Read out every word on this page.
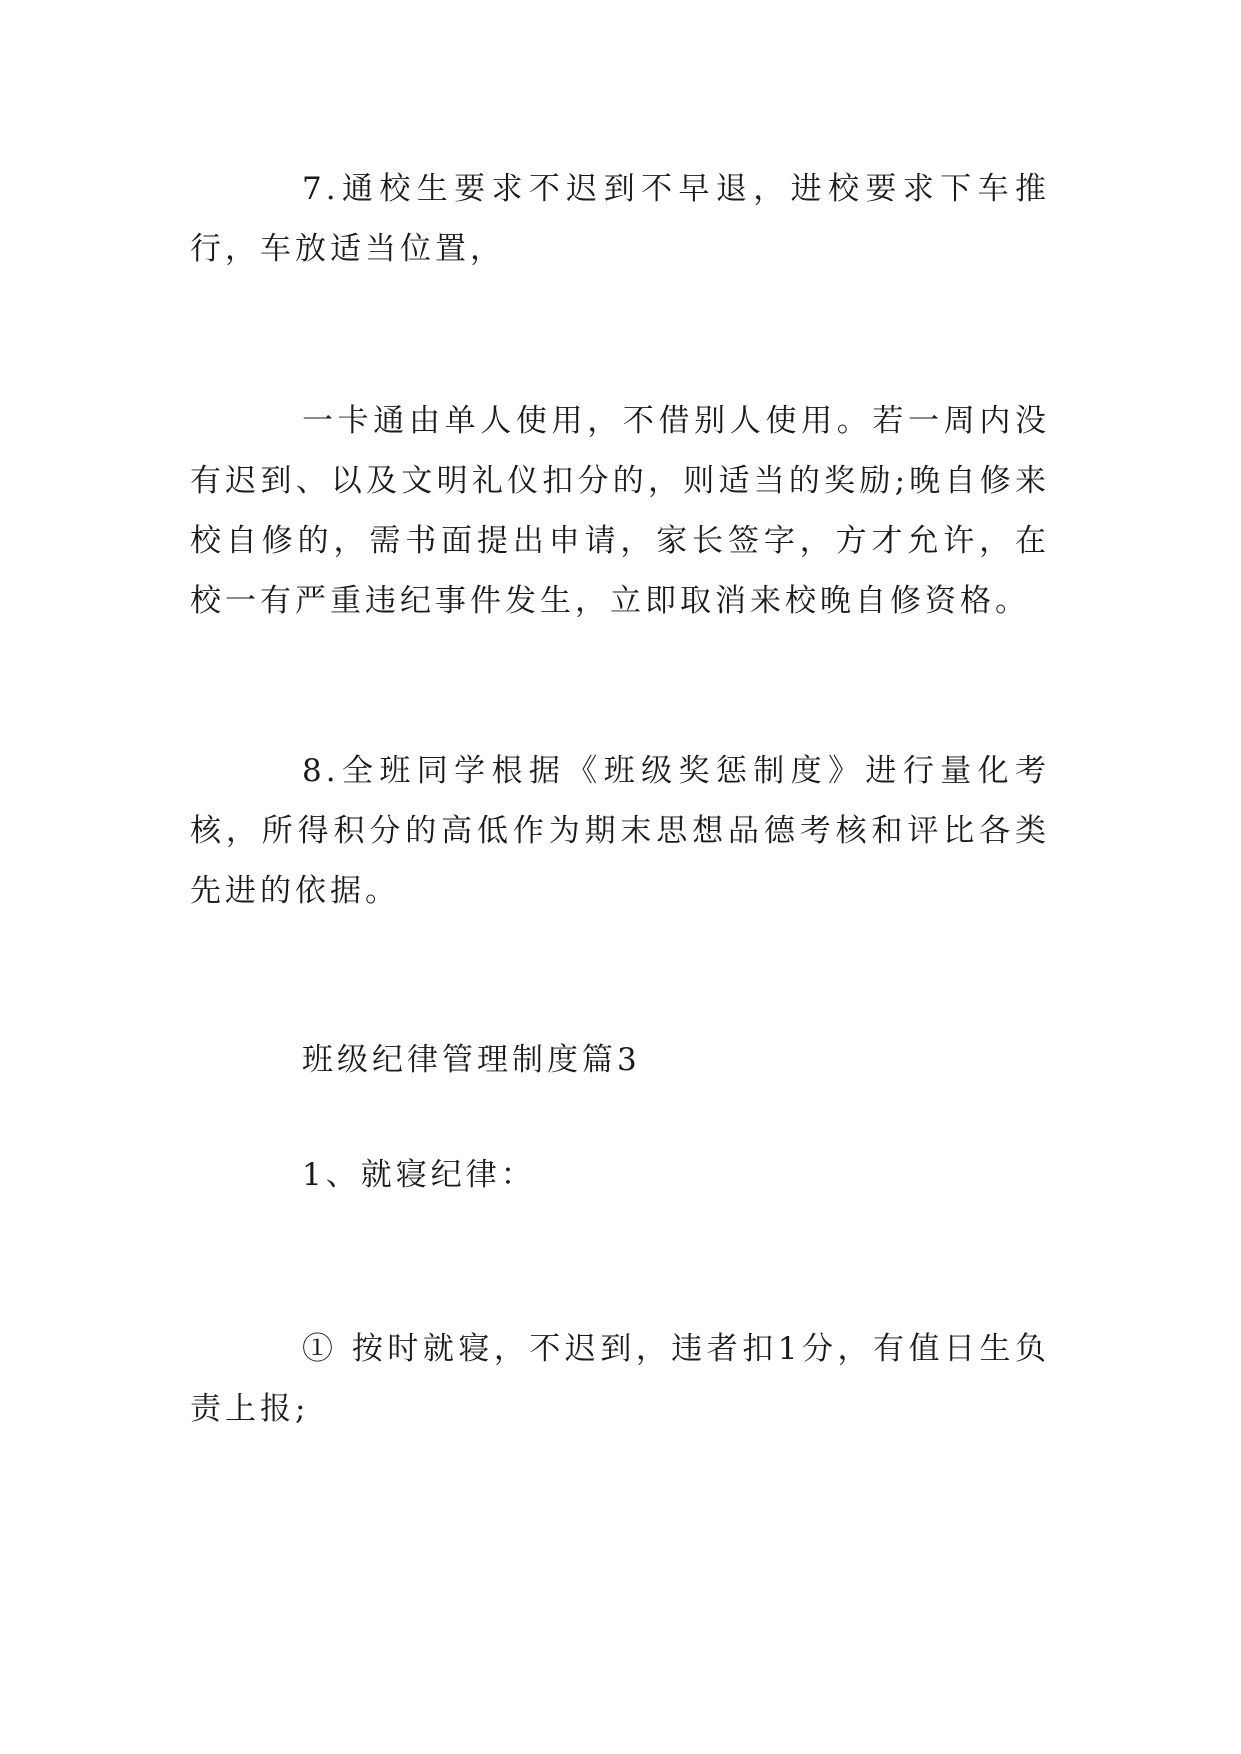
7.通校生要求不迟到不早退，进校要求下车推行，车放适当位置，

一卡通由单人使用，不借别人使用。若一周内没有迟到、以及文明礼仪扣分的，则适当的奖励;晚自修来校自修的，需书面提出申请，家长签字，方才允许，在校一有严重违纪事件发生，立即取消来校晚自修资格。

8.全班同学根据《班级奖惩制度》进行量化考核，所得积分的高低作为期末思想品德考核和评比各类先进的依据。

班级纪律管理制度篇3

1、就寝纪律：

① 按时就寝，不迟到，违者扣1分，有值日生负责上报;
